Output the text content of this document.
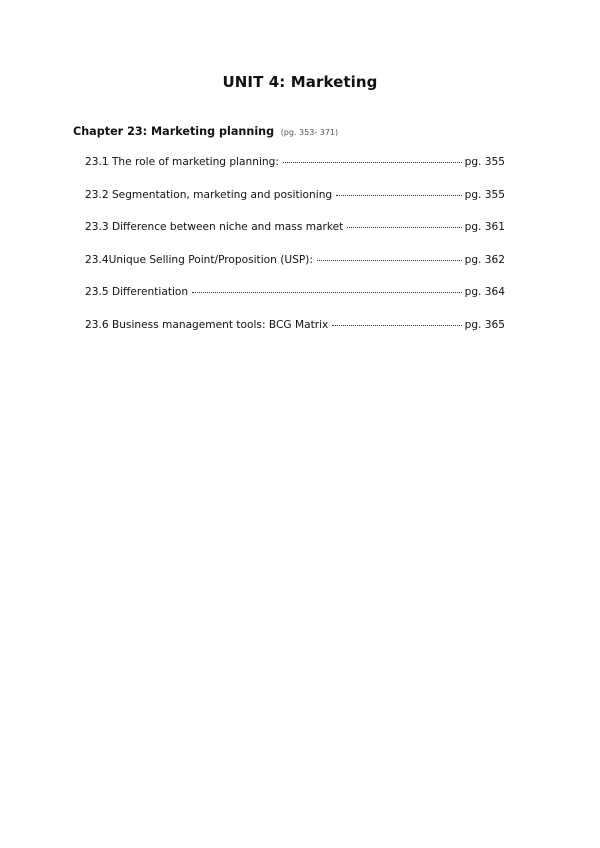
UNIT 4: Marketing
Chapter 23: Marketing planning (pg. 353- 371)
23.1 The role of marketing planning:	pg. 355
23.2 Segmentation, marketing and positioning	pg. 355
23.3 Difference between niche and mass market	pg. 361
23.4Unique Selling Point/Proposition (USP):	pg. 362
23.5 Differentiation	pg. 364
23.6 Business management tools: BCG Matrix	pg. 365
